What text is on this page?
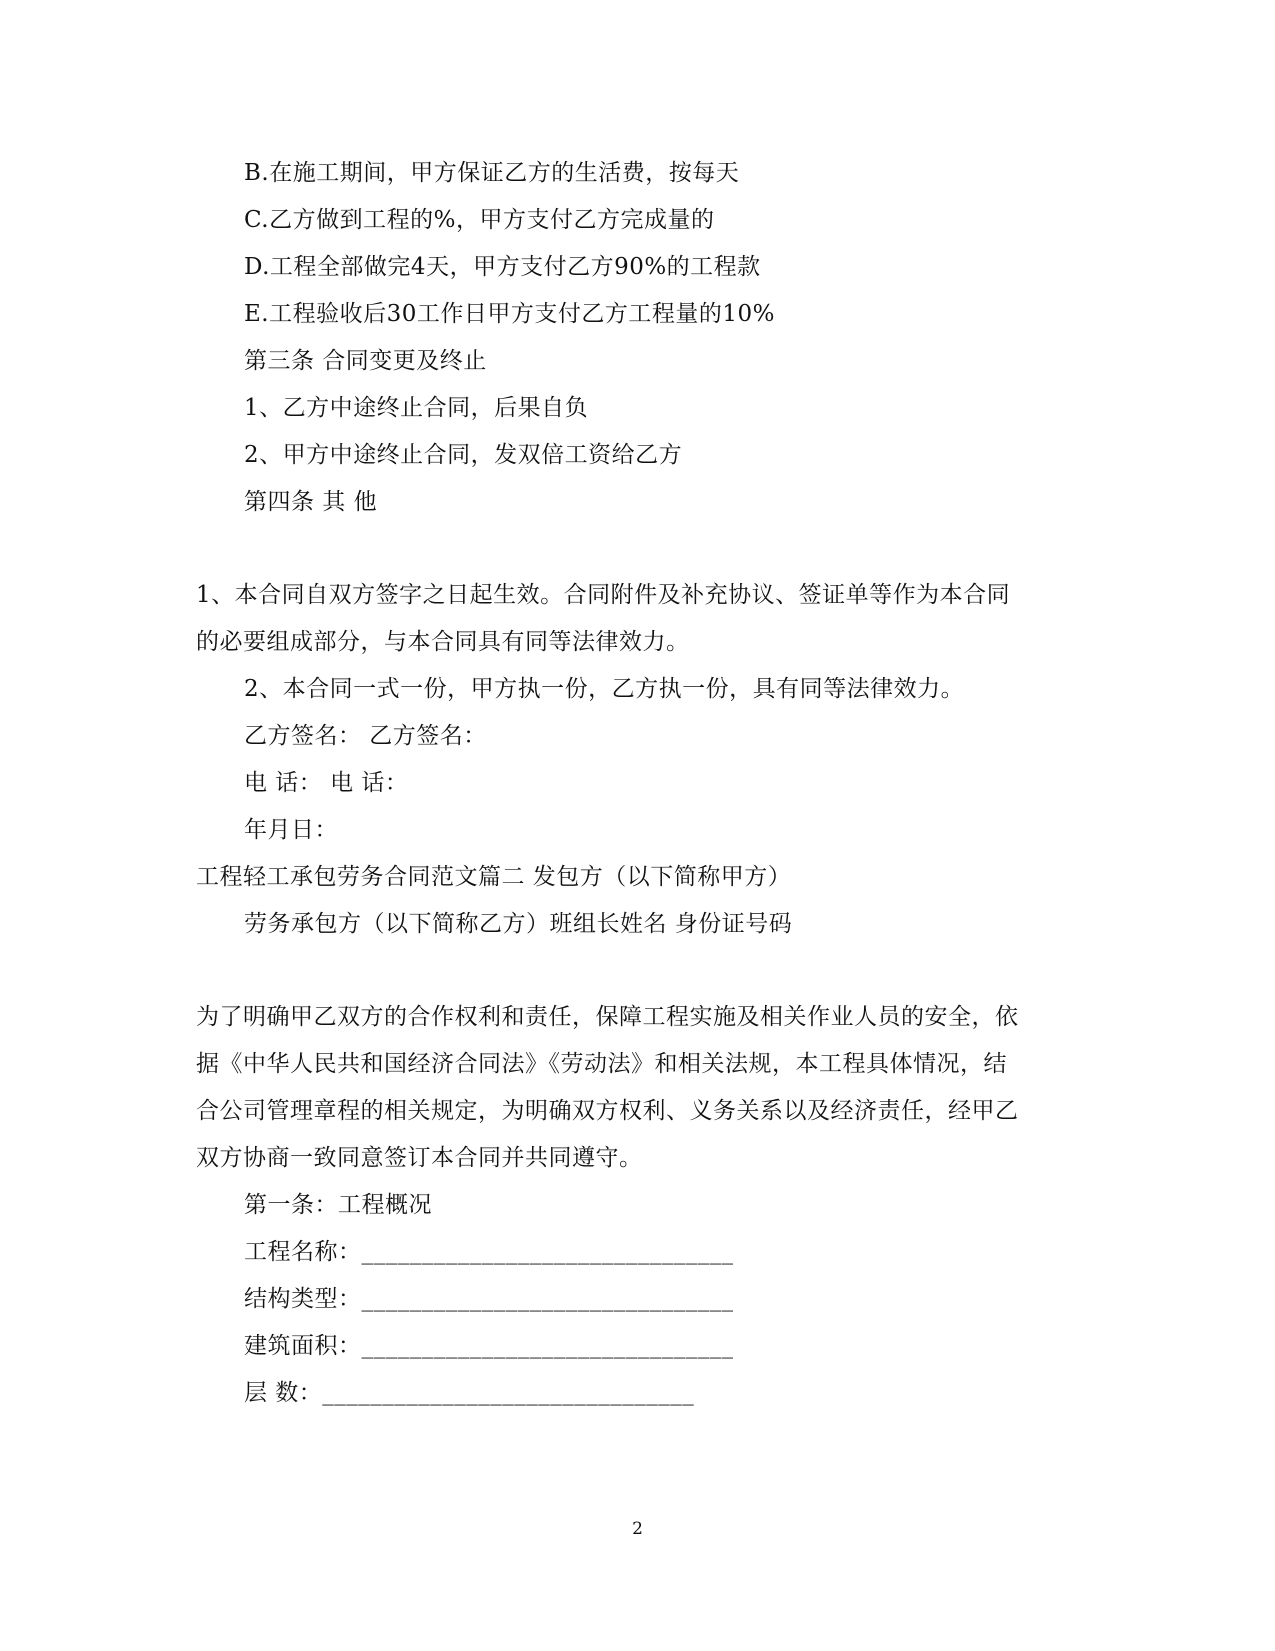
B.在施工期间，甲方保证乙方的生活费，按每天
C.乙方做到工程的%，甲方支付乙方完成量的
D.工程全部做完4天，甲方支付乙方90%的工程款
E.工程验收后30工作日甲方支付乙方工程量的10%
第三条 合同变更及终止
1、乙方中途终止合同，后果自负
2、甲方中途终止合同，发双倍工资给乙方
第四条 其 他
1、本合同自双方签字之日起生效。合同附件及补充协议、签证单等作为本合同
的必要组成部分，与本合同具有同等法律效力。
2、本合同一式一份，甲方执一份，乙方执一份，具有同等法律效力。
乙方签名： 乙方签名：
电 话： 电 话：
年月日：
工程轻工承包劳务合同范文篇二 发包方（以下简称甲方）
劳务承包方（以下简称乙方）班组长姓名 身份证号码
为了明确甲乙双方的合作权利和责任，保障工程实施及相关作业人员的安全，依
据《中华人民共和国经济合同法》《劳动法》和相关法规，本工程具体情况，结
合公司管理章程的相关规定，为明确双方权利、义务关系以及经济责任，经甲乙
双方协商一致同意签订本合同并共同遵守。
第一条：工程概况
工程名称：_______________________________
结构类型：_______________________________
建筑面积：_______________________________
层 数：_______________________________
2
